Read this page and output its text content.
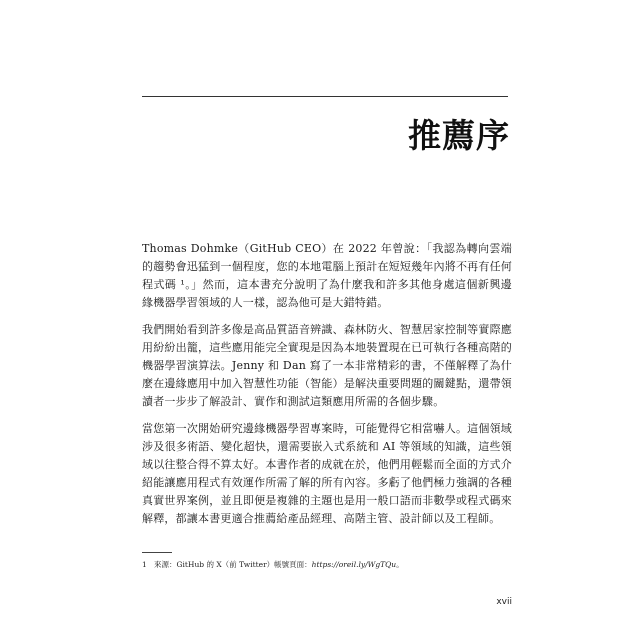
推薦序

Thomas Dohmke（GitHub CEO）在 2022 年曾說：「我認為轉向雲端的趨勢會迅猛到一個程度，您的本地電腦上預計在短短幾年內將不再有任何程式碼 ¹。」然而，這本書充分說明了為什麼我和許多其他身處這個新興邊緣機器學習領域的人一樣，認為他可是大錯特錯。

我們開始看到許多像是高品質語音辨識、森林防火、智慧居家控制等實際應用紛紛出籠，這些應用能完全實現是因為本地裝置現在已可執行各種高階的機器學習演算法。Jenny 和 Dan 寫了一本非常精彩的書，不僅解釋了為什麼在邊緣應用中加入智慧性功能（智能）是解決重要問題的關鍵點，還帶領讀者一步步了解設計、實作和測試這類應用所需的各個步驟。

當您第一次開始研究邊緣機器學習專案時，可能覺得它相當嚇人。這個領域涉及很多術語、變化超快，還需要嵌入式系統和 AI 等領域的知識，這些領域以往整合得不算太好。本書作者的成就在於，他們用輕鬆而全面的方式介紹能讓應用程式有效運作所需了解的所有內容。多虧了他們極力強調的各種真實世界案例，並且即便是複雜的主題也是用一般口語而非數學或程式碼來解釋，都讓本書更適合推薦給產品經理、高階主管、設計師以及工程師。

1 來源：GitHub 的 X（前 Twitter）帳號頁面：https://oreil.ly/WgTQu。
xvii
